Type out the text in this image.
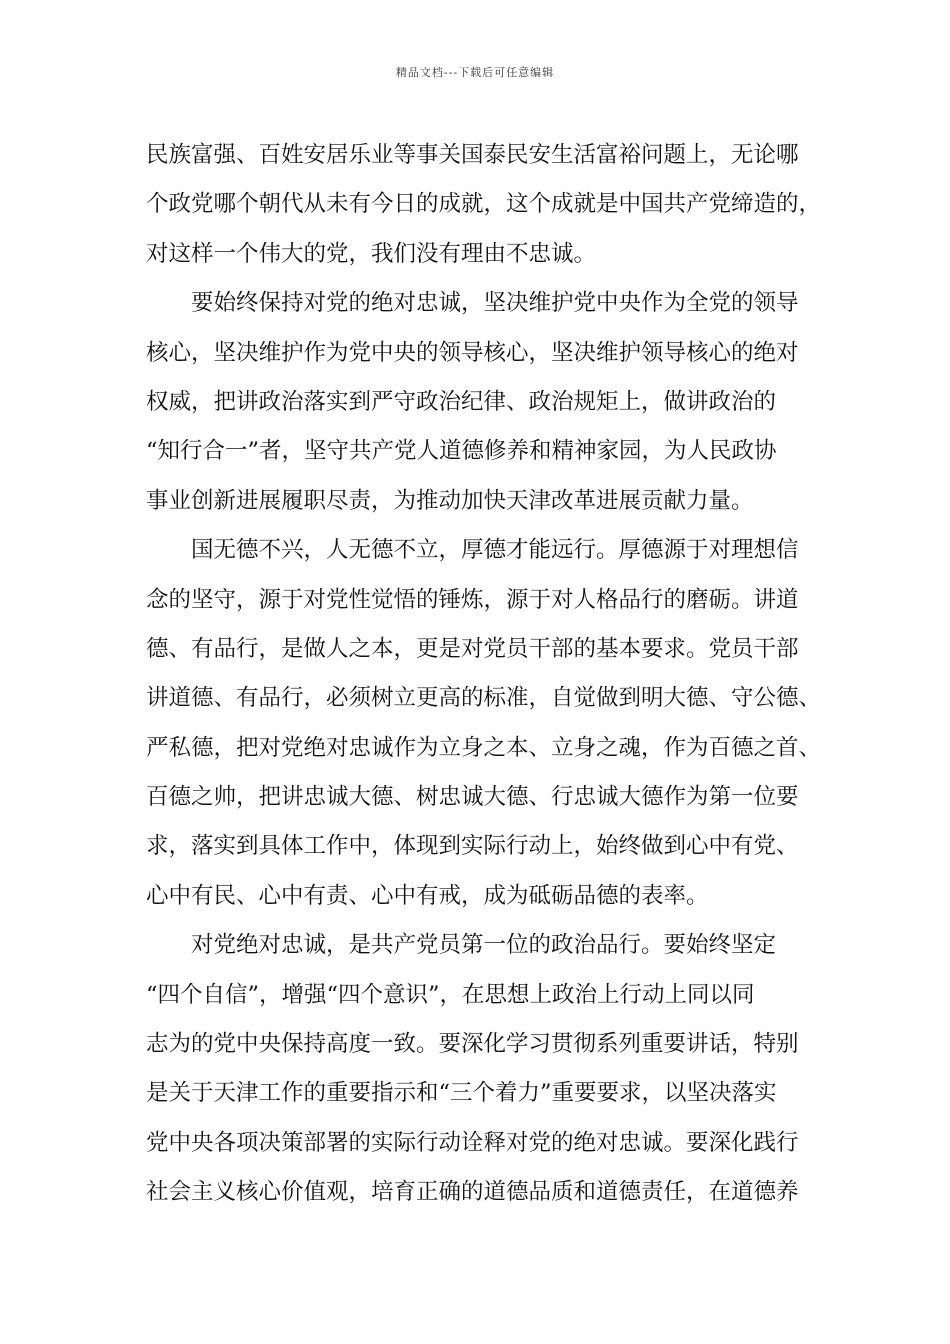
精品文档---下载后可任意编辑
民族富强、百姓安居乐业等事关国泰民安生活富裕问题上，无论哪
个政党哪个朝代从未有今日的成就，这个成就是中国共产党缔造的，
对这样一个伟大的党，我们没有理由不忠诚。
要始终保持对党的绝对忠诚，坚决维护党中央作为全党的领导
核心，坚决维护作为党中央的领导核心，坚决维护领导核心的绝对
权威，把讲政治落实到严守政治纪律、政治规矩上，做讲政治的
“知行合一”者，坚守共产党人道德修养和精神家园，为人民政协
事业创新进展履职尽责，为推动加快天津改革进展贡献力量。
国无德不兴，人无德不立，厚德才能远行。厚德源于对理想信
念的坚守，源于对党性觉悟的锤炼，源于对人格品行的磨砺。讲道
德、有品行，是做人之本，更是对党员干部的基本要求。党员干部
讲道德、有品行，必须树立更高的标准，自觉做到明大德、守公德、
严私德，把对党绝对忠诚作为立身之本、立身之魂，作为百德之首、
百德之帅，把讲忠诚大德、树忠诚大德、行忠诚大德作为第一位要
求，落实到具体工作中，体现到实际行动上，始终做到心中有党、
心中有民、心中有责、心中有戒，成为砥砺品德的表率。
对党绝对忠诚，是共产党员第一位的政治品行。要始终坚定
“四个自信”，增强“四个意识”，在思想上政治上行动上同以同
志为的党中央保持高度一致。要深化学习贯彻系列重要讲话，特别
是关于天津工作的重要指示和“三个着力”重要要求，以坚决落实
党中央各项决策部署的实际行动诠释对党的绝对忠诚。要深化践行
社会主义核心价值观，培育正确的道德品质和道德责任，在道德养
